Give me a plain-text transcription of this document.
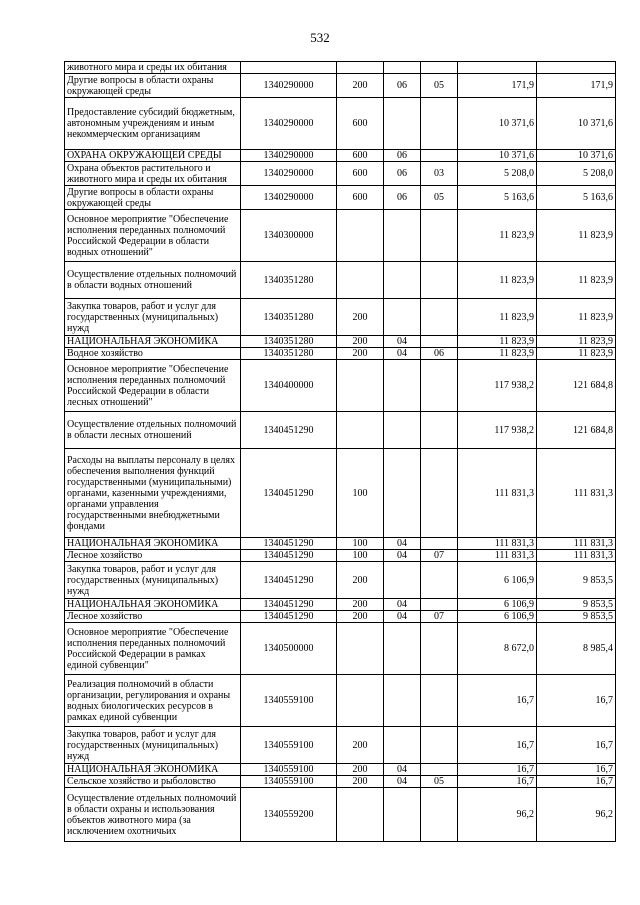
532
животного мира и среды их обитания						
Другие вопросы в области охраны окружающей среды	1340290000	200	06	05	171,9	171,9
Предоставление субсидий бюджетным, автономным учреждениям и иным некоммерческим организациям	1340290000	600			10 371,6	10 371,6
ОХРАНА ОКРУЖАЮЩЕЙ СРЕДЫ	1340290000	600	06		10 371,6	10 371,6
Охрана объектов растительного и животного мира и среды их обитания	1340290000	600	06	03	5 208,0	5 208,0
Другие вопросы в области охраны окружающей среды	1340290000	600	06	05	5 163,6	5 163,6
Основное мероприятие "Обеспечение исполнения переданных полномочий Российской Федерации в области водных отношений"	1340300000				11 823,9	11 823,9
Осуществление отдельных полномочий в области водных отношений	1340351280				11 823,9	11 823,9
Закупка товаров, работ и услуг для государственных (муниципальных) нужд	1340351280	200			11 823,9	11 823,9
НАЦИОНАЛЬНАЯ ЭКОНОМИКА	1340351280	200	04		11 823,9	11 823,9
Водное хозяйство	1340351280	200	04	06	11 823,9	11 823,9
Основное мероприятие "Обеспечение исполнения переданных полномочий Российской Федерации в области лесных отношений"	1340400000				117 938,2	121 684,8
Осуществление отдельных полномочий в области лесных отношений	1340451290				117 938,2	121 684,8
Расходы на выплаты персоналу в целях обеспечения выполнения функций государственными (муниципальными) органами, казенными учреждениями, органами управления государственными внебюджетными фондами	1340451290	100			111 831,3	111 831,3
НАЦИОНАЛЬНАЯ ЭКОНОМИКА	1340451290	100	04		111 831,3	111 831,3
Лесное хозяйство	1340451290	100	04	07	111 831,3	111 831,3
Закупка товаров, работ и услуг для государственных (муниципальных) нужд	1340451290	200			6 106,9	9 853,5
НАЦИОНАЛЬНАЯ ЭКОНОМИКА	1340451290	200	04		6 106,9	9 853,5
Лесное хозяйство	1340451290	200	04	07	6 106,9	9 853,5
Основное мероприятие "Обеспечение исполнения переданных полномочий Российской Федерации в рамках единой субвенции"	1340500000				8 672,0	8 985,4
Реализация полномочий в области организации, регулирования и охраны водных биологических ресурсов в рамках единой субвенции	1340559100				16,7	16,7
Закупка товаров, работ и услуг для государственных (муниципальных) нужд	1340559100	200			16,7	16,7
НАЦИОНАЛЬНАЯ ЭКОНОМИКА	1340559100	200	04		16,7	16,7
Сельское хозяйство и рыболовство	1340559100	200	04	05	16,7	16,7
Осуществление отдельных полномочий в области охраны и использования объектов животного мира (за исключением охотничьих	1340559200				96,2	96,2
